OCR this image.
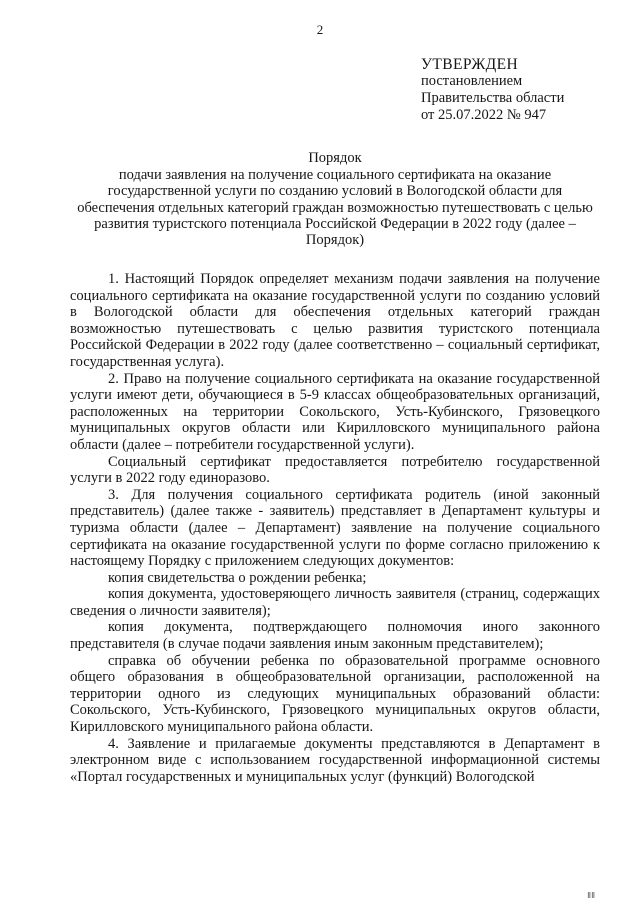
2
УТВЕРЖДЕН
постановлением
Правительства области
от 25.07.2022 № 947
Порядок
подачи заявления на получение социального сертификата на оказание государственной услуги по созданию условий в Вологодской области для обеспечения отдельных категорий граждан возможностью путешествовать с целью развития туристского потенциала Российской Федерации в 2022 году (далее – Порядок)

1. Настоящий Порядок определяет механизм подачи заявления на получение социального сертификата на оказание государственной услуги по созданию условий в Вологодской области для обеспечения отдельных категорий граждан возможностью путешествовать с целью развития туристского потенциала Российской Федерации в 2022 году (далее соответственно – социальный сертификат, государственная услуга).

2. Право на получение социального сертификата на оказание государственной услуги имеют дети, обучающиеся в 5-9 классах общеобразовательных организаций, расположенных на территории Сокольского, Усть-Кубинского, Грязовецкого муниципальных округов области или Кирилловского муниципального района области (далее – потребители государственной услуги).

Социальный сертификат предоставляется потребителю государственной услуги в 2022 году единоразово.

3. Для получения социального сертификата родитель (иной законный представитель) (далее также - заявитель) представляет в Департамент культуры и туризма области (далее – Департамент) заявление на получение социального сертификата на оказание государственной услуги по форме согласно приложению к настоящему Порядку с приложением следующих документов:

копия свидетельства о рождении ребенка;

копия документа, удостоверяющего личность заявителя (страниц, содержащих сведения о личности заявителя);

копия документа, подтверждающего полномочия иного законного представителя (в случае подачи заявления иным законным представителем);

справка об обучении ребенка по образовательной программе основного общего образования в общеобразовательной организации, расположенной на территории одного из следующих муниципальных образований области: Сокольского, Усть-Кубинского, Грязовецкого муниципальных округов области, Кирилловского муниципального района области.

4. Заявление и прилагаемые документы представляются в Департамент в электронном виде с использованием государственной информационной системы «Портал государственных и муниципальных услуг (функций) Вологодской

ⅡⅡ
